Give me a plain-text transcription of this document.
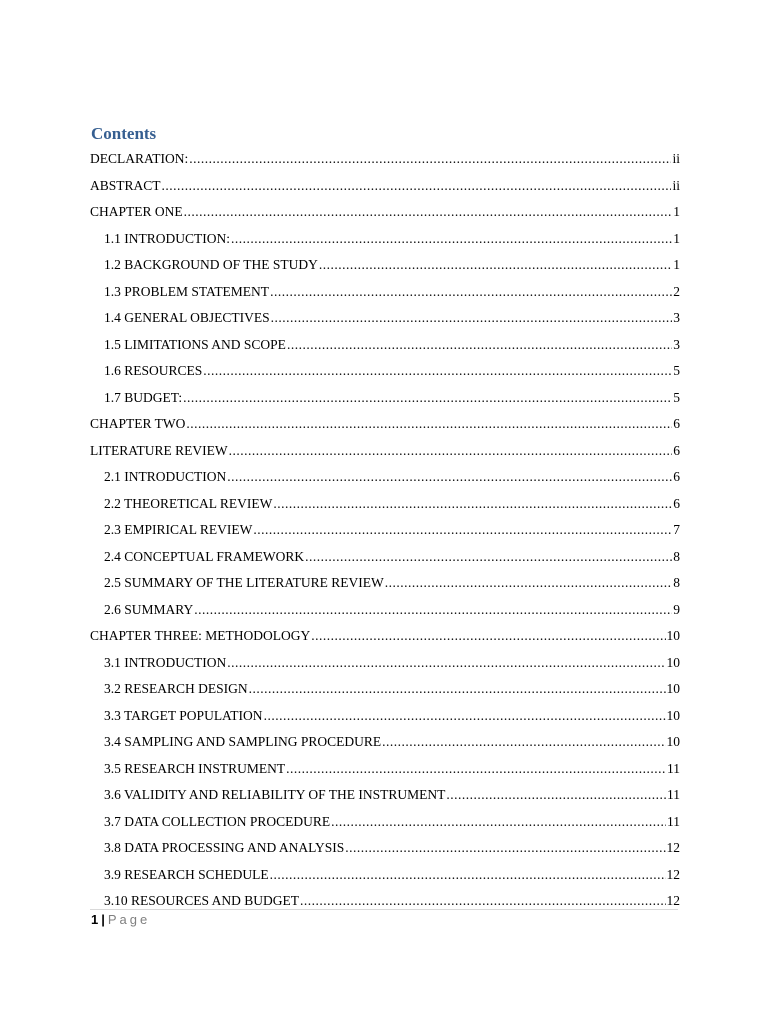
Contents
DECLARATION: .....	ii
ABSTRACT .....	ii
CHAPTER ONE .....	1
1.1 INTRODUCTION: .....	1
1.2 BACKGROUND OF THE STUDY .....	1
1.3 PROBLEM STATEMENT .....	2
1.4 GENERAL OBJECTIVES .....	3
1.5 LIMITATIONS AND SCOPE .....	3
1.6 RESOURCES .....	5
1.7 BUDGET: .....	5
CHAPTER TWO .....	6
LITERATURE REVIEW .....	6
2.1 INTRODUCTION .....	6
2.2 THEORETICAL REVIEW .....	6
2.3 EMPIRICAL REVIEW .....	7
2.4 CONCEPTUAL FRAMEWORK .....	8
2.5 SUMMARY OF THE LITERATURE REVIEW .....	8
2.6 SUMMARY .....	9
CHAPTER THREE: METHODOLOGY .....	10
3.1 INTRODUCTION .....	10
3.2 RESEARCH DESIGN .....	10
3.3 TARGET POPULATION .....	10
3.4 SAMPLING AND SAMPLING PROCEDURE .....	10
3.5 RESEARCH INSTRUMENT .....	11
3.6 VALIDITY AND RELIABILITY OF THE INSTRUMENT .....	11
3.7 DATA COLLECTION PROCEDURE .....	11
3.8 DATA PROCESSING AND ANALYSIS .....	12
3.9 RESEARCH SCHEDULE .....	12
3.10 RESOURCES AND BUDGET .....	12
1 | Page
